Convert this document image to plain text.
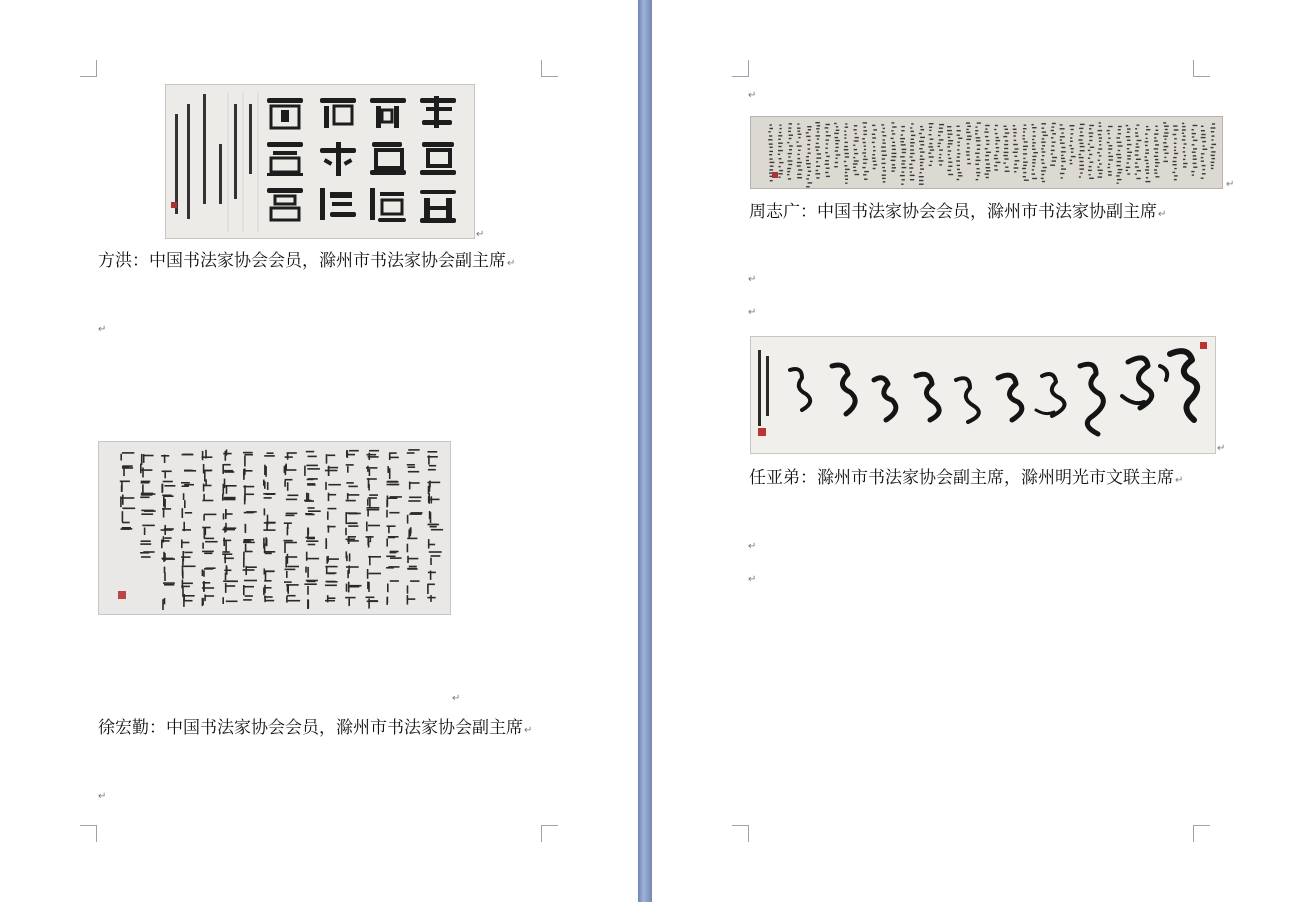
↵
方洪：中国书法家协会会员，滁州市书法家协会副主席↵
↵
↵
徐宏勤：中国书法家协会会员，滁州市书法家协会副主席↵
↵
↵
↵
周志广：中国书法家协会会员，滁州市书法家协副主席↵
↵
↵
↵
任亚弟：滁州市书法家协会副主席，滁州明光市文联主席↵
↵
↵
